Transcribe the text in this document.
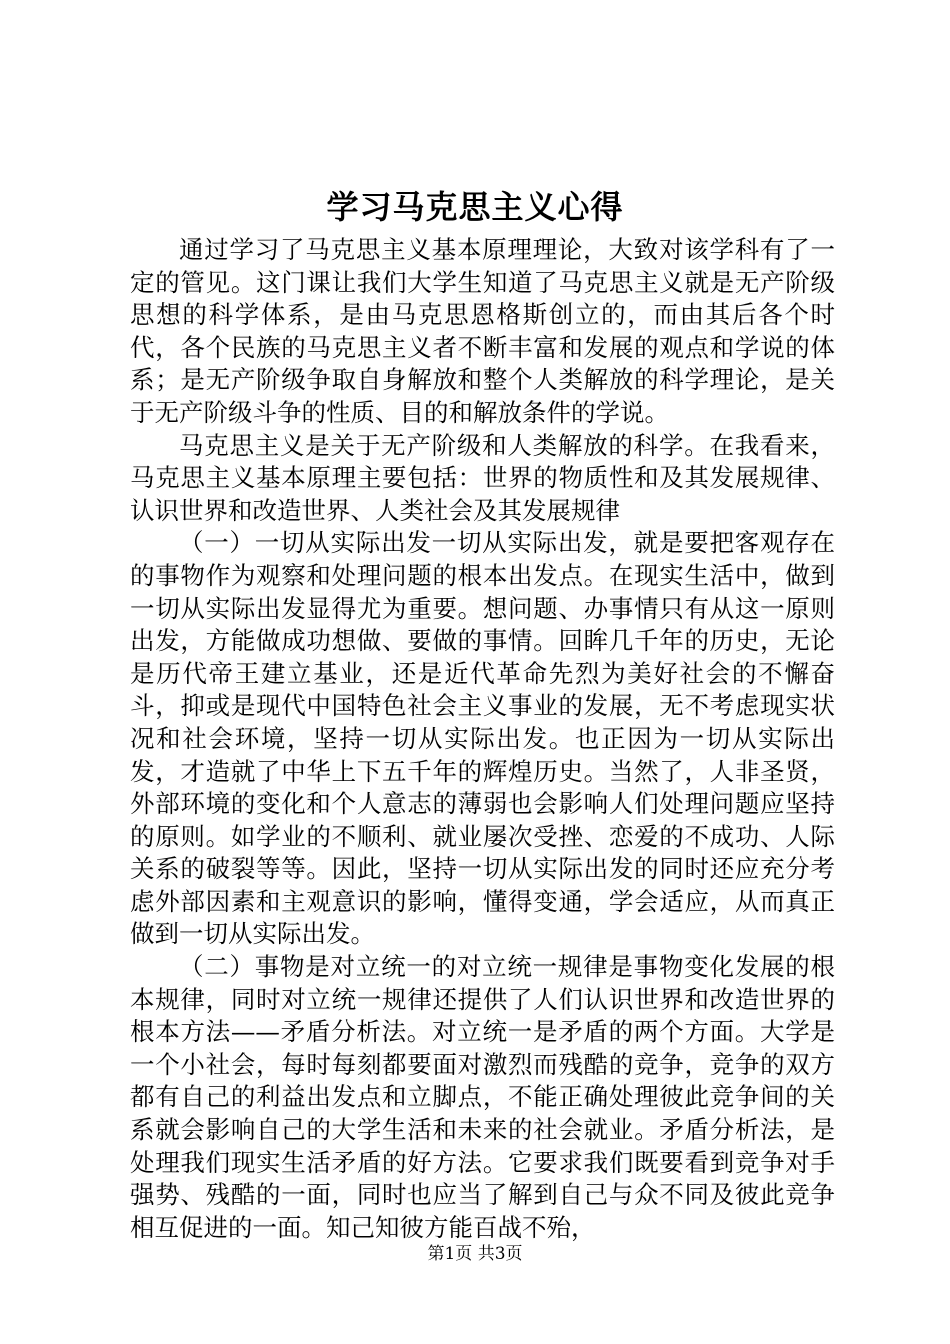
学习马克思主义心得

通过学习了马克思主义基本原理理论，大致对该学科有了一定的管见。这门课让我们大学生知道了马克思主义就是无产阶级思想的科学体系，是由马克思恩格斯创立的，而由其后各个时代，各个民族的马克思主义者不断丰富和发展的观点和学说的体系；是无产阶级争取自身解放和整个人类解放的科学理论，是关于无产阶级斗争的性质、目的和解放条件的学说。

马克思主义是关于无产阶级和人类解放的科学。在我看来，马克思主义基本原理主要包括：世界的物质性和及其发展规律、认识世界和改造世界、人类社会及其发展规律

（一）一切从实际出发一切从实际出发，就是要把客观存在的事物作为观察和处理问题的根本出发点。在现实生活中，做到一切从实际出发显得尤为重要。想问题、办事情只有从这一原则出发，方能做成功想做、要做的事情。回眸几千年的历史，无论是历代帝王建立基业，还是近代革命先烈为美好社会的不懈奋斗，抑或是现代中国特色社会主义事业的发展，无不考虑现实状况和社会环境，坚持一切从实际出发。也正因为一切从实际出发，才造就了中华上下五千年的辉煌历史。当然了，人非圣贤，外部环境的变化和个人意志的薄弱也会影响人们处理问题应坚持的原则。如学业的不顺利、就业屡次受挫、恋爱的不成功、人际关系的破裂等等。因此，坚持一切从实际出发的同时还应充分考虑外部因素和主观意识的影响，懂得变通，学会适应，从而真正做到一切从实际出发。

（二）事物是对立统一的对立统一规律是事物变化发展的根本规律，同时对立统一规律还提供了人们认识世界和改造世界的根本方法——矛盾分析法。对立统一是矛盾的两个方面。大学是一个小社会，每时每刻都要面对激烈而残酷的竞争，竞争的双方都有自己的利益出发点和立脚点，不能正确处理彼此竞争间的关系就会影响自己的大学生活和未来的社会就业。矛盾分析法，是处理我们现实生活矛盾的好方法。它要求我们既要看到竞争对手强势、残酷的一面，同时也应当了解到自己与众不同及彼此竞争相互促进的一面。知己知彼方能百战不殆，

第1页 共3页
